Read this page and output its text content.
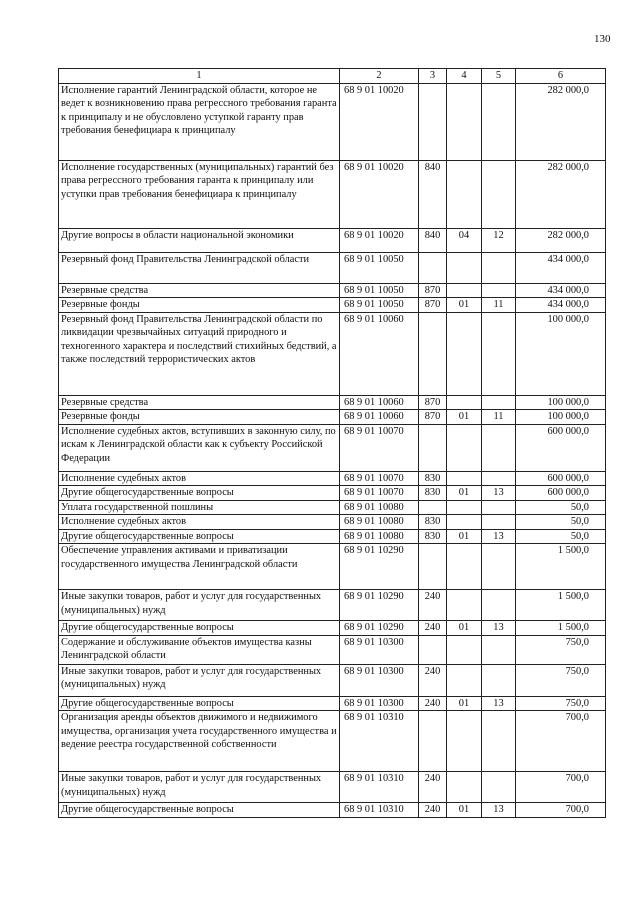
130
1	2	3	4	5	6
Исполнение гарантий Ленинградской области, которое не ведет к возникновению права регрессного требования гаранта к принципалу и не обусловлено уступкой гаранту прав требования бенефициара к принципалу	68 9 01 10020				282 000,0
Исполнение государственных (муниципальных) гарантий без права регрессного требования гаранта к принципалу или уступки прав требования бенефициара к принципалу	68 9 01 10020	840			282 000,0
Другие вопросы в области национальной экономики	68 9 01 10020	840	04	12	282 000,0
Резервный фонд Правительства Ленинградской области	68 9 01 10050				434 000,0
Резервные средства	68 9 01 10050	870			434 000,0
Резервные фонды	68 9 01 10050	870	01	11	434 000,0
Резервный фонд Правительства Ленинградской области по ликвидации чрезвычайных ситуаций природного и техногенного характера и последствий стихийных бедствий, а также последствий террористических актов	68 9 01 10060				100 000,0
Резервные средства	68 9 01 10060	870			100 000,0
Резервные фонды	68 9 01 10060	870	01	11	100 000,0
Исполнение судебных актов, вступивших в законную силу, по искам к Ленинградской области как к субъекту Российской Федерации	68 9 01 10070				600 000,0
Исполнение судебных актов	68 9 01 10070	830			600 000,0
Другие общегосударственные вопросы	68 9 01 10070	830	01	13	600 000,0
Уплата государственной пошлины	68 9 01 10080				50,0
Исполнение судебных актов	68 9 01 10080	830			50,0
Другие общегосударственные вопросы	68 9 01 10080	830	01	13	50,0
Обеспечение управления активами и приватизации государственного имущества Ленинградской области	68 9 01 10290				1 500,0
Иные закупки товаров, работ и услуг для государственных (муниципальных) нужд	68 9 01 10290	240			1 500,0
Другие общегосударственные вопросы	68 9 01 10290	240	01	13	1 500,0
Содержание и обслуживание объектов имущества казны Ленинградской области	68 9 01 10300				750,0
Иные закупки товаров, работ и услуг для государственных (муниципальных) нужд	68 9 01 10300	240			750,0
Другие общегосударственные вопросы	68 9 01 10300	240	01	13	750,0
Организация аренды объектов движимого и недвижимого имущества, организация учета государственного имущества и ведение реестра государственной собственности	68 9 01 10310				700,0
Иные закупки товаров, работ и услуг для государственных (муниципальных) нужд	68 9 01 10310	240			700,0
Другие общегосударственные вопросы	68 9 01 10310	240	01	13	700,0
